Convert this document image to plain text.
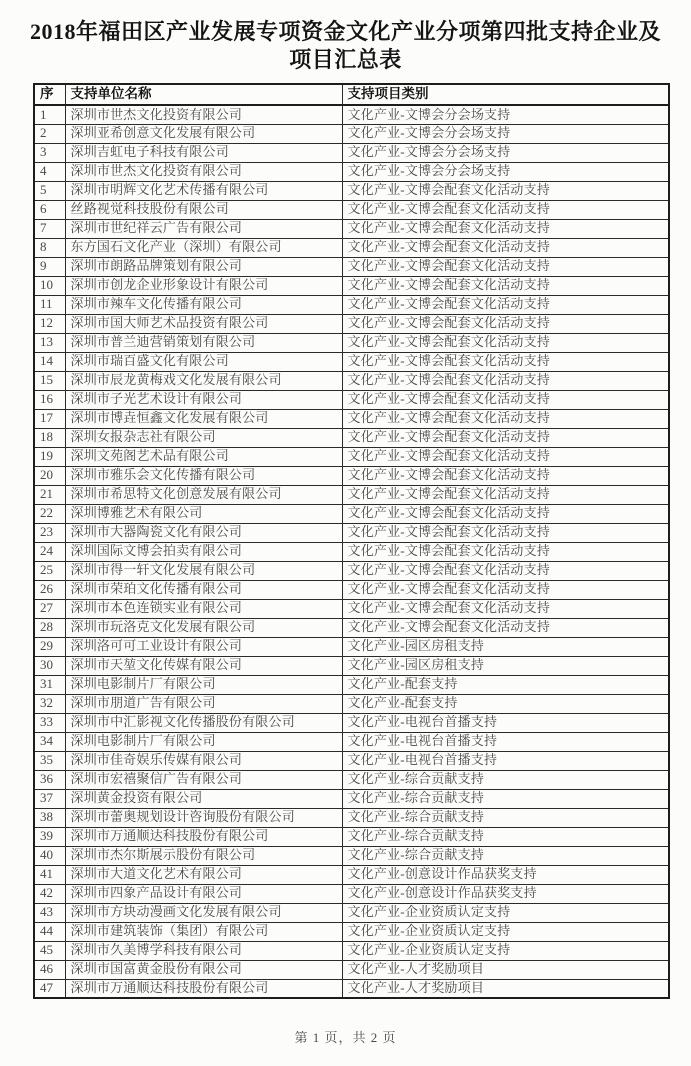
2018年福田区产业发展专项资金文化产业分项第四批支持企业及项目汇总表
序	支持单位名称	支持项目类别
1	深圳市世杰文化投资有限公司	文化产业-文博会分会场支持
2	深圳亚希创意文化发展有限公司	文化产业-文博会分会场支持
3	深圳吉虹电子科技有限公司	文化产业-文博会分会场支持
4	深圳市世杰文化投资有限公司	文化产业-文博会分会场支持
5	深圳市明辉文化艺术传播有限公司	文化产业-文博会配套文化活动支持
6	丝路视觉科技股份有限公司	文化产业-文博会配套文化活动支持
7	深圳市世纪祥云广告有限公司	文化产业-文博会配套文化活动支持
8	东方国石文化产业（深圳）有限公司	文化产业-文博会配套文化活动支持
9	深圳市朗路品牌策划有限公司	文化产业-文博会配套文化活动支持
10	深圳市创龙企业形象设计有限公司	文化产业-文博会配套文化活动支持
11	深圳市辣车文化传播有限公司	文化产业-文博会配套文化活动支持
12	深圳市国大师艺术品投资有限公司	文化产业-文博会配套文化活动支持
13	深圳市普兰迪营销策划有限公司	文化产业-文博会配套文化活动支持
14	深圳市瑞百盛文化有限公司	文化产业-文博会配套文化活动支持
15	深圳市辰龙黄梅戏文化发展有限公司	文化产业-文博会配套文化活动支持
16	深圳市子光艺术设计有限公司	文化产业-文博会配套文化活动支持
17	深圳市博垚恒鑫文化发展有限公司	文化产业-文博会配套文化活动支持
18	深圳女报杂志社有限公司	文化产业-文博会配套文化活动支持
19	深圳文苑阁艺术品有限公司	文化产业-文博会配套文化活动支持
20	深圳市雅乐会文化传播有限公司	文化产业-文博会配套文化活动支持
21	深圳市希思特文化创意发展有限公司	文化产业-文博会配套文化活动支持
22	深圳博雅艺术有限公司	文化产业-文博会配套文化活动支持
23	深圳市大器陶瓷文化有限公司	文化产业-文博会配套文化活动支持
24	深圳国际文博会拍卖有限公司	文化产业-文博会配套文化活动支持
25	深圳市得一轩文化发展有限公司	文化产业-文博会配套文化活动支持
26	深圳市荣珀文化传播有限公司	文化产业-文博会配套文化活动支持
27	深圳市本色连锁实业有限公司	文化产业-文博会配套文化活动支持
28	深圳市玩洛克文化发展有限公司	文化产业-文博会配套文化活动支持
29	深圳洛可可工业设计有限公司	文化产业-园区房租支持
30	深圳市天堃文化传媒有限公司	文化产业-园区房租支持
31	深圳电影制片厂有限公司	文化产业-配套支持
32	深圳市朋道广告有限公司	文化产业-配套支持
33	深圳市中汇影视文化传播股份有限公司	文化产业-电视台首播支持
34	深圳电影制片厂有限公司	文化产业-电视台首播支持
35	深圳市佳奇娱乐传媒有限公司	文化产业-电视台首播支持
36	深圳市宏禧聚信广告有限公司	文化产业-综合贡献支持
37	深圳黄金投资有限公司	文化产业-综合贡献支持
38	深圳市蕾奥规划设计咨询股份有限公司	文化产业-综合贡献支持
39	深圳市万通顺达科技股份有限公司	文化产业-综合贡献支持
40	深圳市杰尔斯展示股份有限公司	文化产业-综合贡献支持
41	深圳市大道文化艺术有限公司	文化产业-创意设计作品获奖支持
42	深圳市四象产品设计有限公司	文化产业-创意设计作品获奖支持
43	深圳市方块动漫画文化发展有限公司	文化产业-企业资质认定支持
44	深圳市建筑装饰（集团）有限公司	文化产业-企业资质认定支持
45	深圳市久美博学科技有限公司	文化产业-企业资质认定支持
46	深圳市国富黄金股份有限公司	文化产业-人才奖励项目
47	深圳市万通顺达科技股份有限公司	文化产业-人才奖励项目
第 1 页，共 2 页
